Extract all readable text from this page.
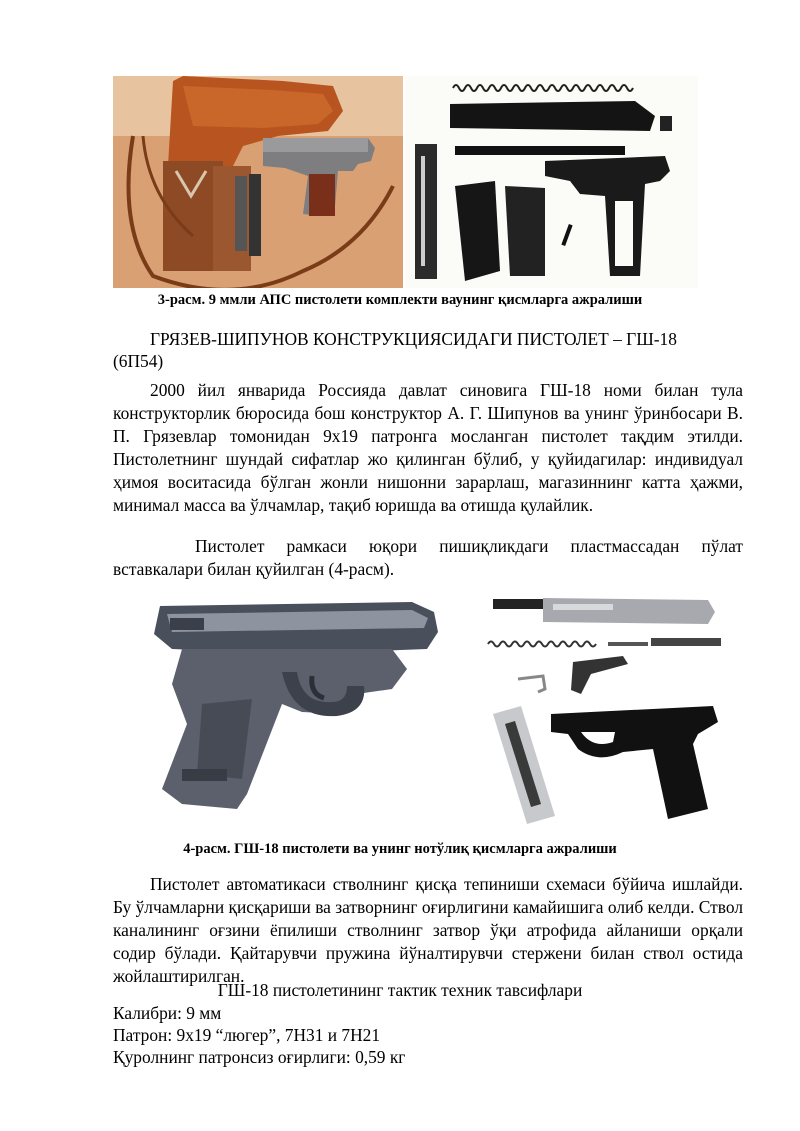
3-расм. 9 ммли АПС пистолети комплекти ваунинг қисмларга ажралиши

ГРЯЗЕВ-ШИПУНОВ КОНСТРУКЦИЯСИДАГИ ПИСТОЛЕТ – ГШ-18
(6П54)

2000 йил январида Россияда давлат синовига ГШ-18 номи билан тула конструкторлик бюросида бош конструктор А. Г. Шипунов ва унинг ўринбосари В. П. Грязевлар томонидан 9x19 патронга мосланган пистолет тақдим этилди. Пистолетнинг шундай сифатлар жо қилинган бўлиб, у қуйидагилар: индивидуал ҳимоя воситасида бўлган жонли нишонни зарарлаш, магазиннинг катта ҳажми, минимал масса ва ўлчамлар, тақиб юришда ва отишда қулайлик.

Пистолет рамкаси юқори пишиқликдаги пластмассадан пўлат вставкалари билан қуйилган (4-расм).

4-расм. ГШ-18 пистолети ва унинг нотўлиқ қисмларга ажралиши

Пистолет автоматикаси стволнинг қисқа тепиниши схемаси бўйича ишлайди. Бу ўлчамларни қисқариши ва затворнинг оғирлигини камайишига олиб келди. Ствол каналининг оғзини ёпилиши стволнинг затвор ўқи атрофида айланиши орқали содир бўлади. Қайтарувчи пружина йўналтирувчи стержени билан ствол остида жойлаштирилган.

ГШ-18 пистолетининг тактик техник тавсифлари
Калибри: 9 мм
Патрон: 9x19 “люгер”, 7Н31 и 7Н21
Қуролнинг патронсиз оғирлиги: 0,59 кг
